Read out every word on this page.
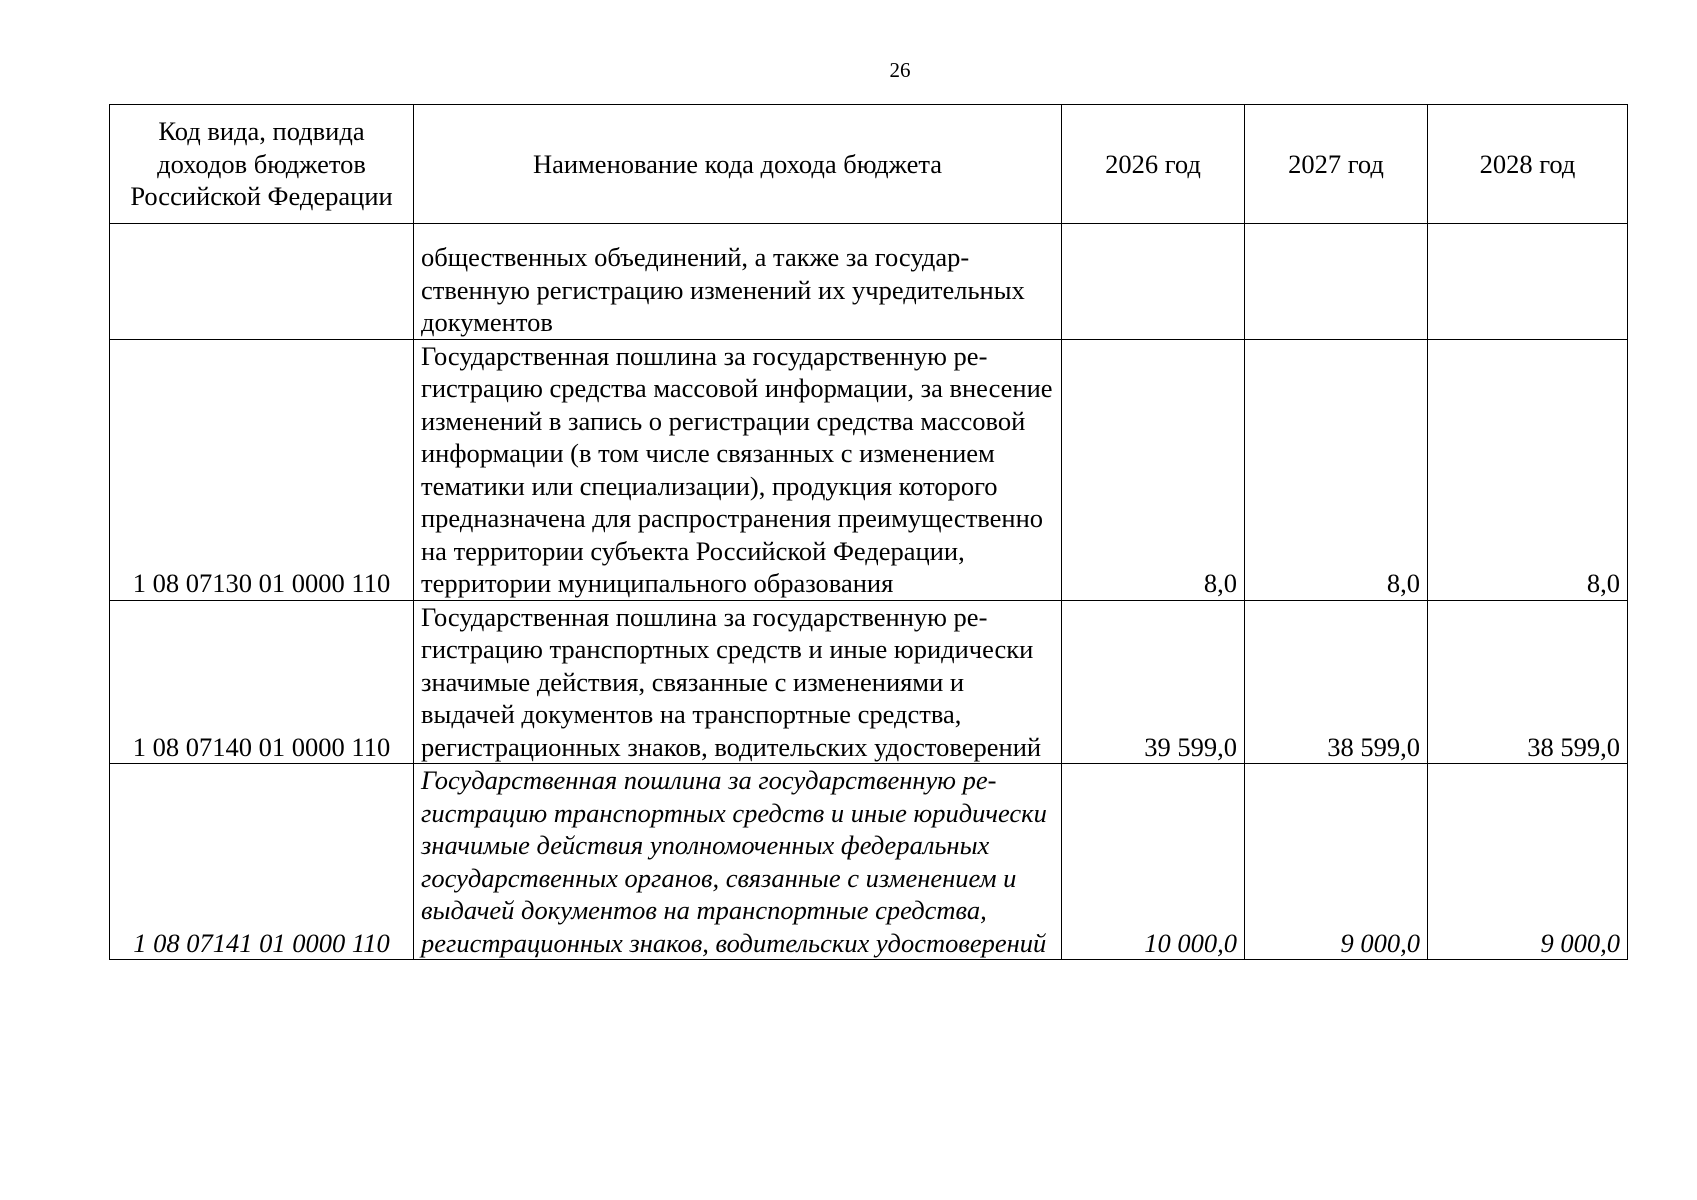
26
Код вида, подвида доходов бюджетов Российской Федерации	Наименование кода дохода бюджета	2026 год	2027 год	2028 год
	общественных объединений, а также за государственную регистрацию изменений их учредительных документов			
1 08 07130 01 0000 110	Государственная пошлина за государственную регистрацию средства массовой информации, за внесение изменений в запись о регистрации средства массовой информации (в том числе связанных с изменением тематики или специализации), продукция которого предназначена для распространения преимущественно на территории субъекта Российской Федерации, территории муниципального образования	8,0	8,0	8,0
1 08 07140 01 0000 110	Государственная пошлина за государственную регистрацию транспортных средств и иные юридически значимые действия, связанные с изменениями и выдачей документов на транспортные средства, регистрационных знаков, водительских удостоверений	39 599,0	38 599,0	38 599,0
1 08 07141 01 0000 110	Государственная пошлина за государственную регистрацию транспортных средств и иные юридически значимые действия уполномоченных федеральных государственных органов, связанные с изменением и выдачей документов на транспортные средства, регистрационных знаков, водительских удостоверений	10 000,0	9 000,0	9 000,0
